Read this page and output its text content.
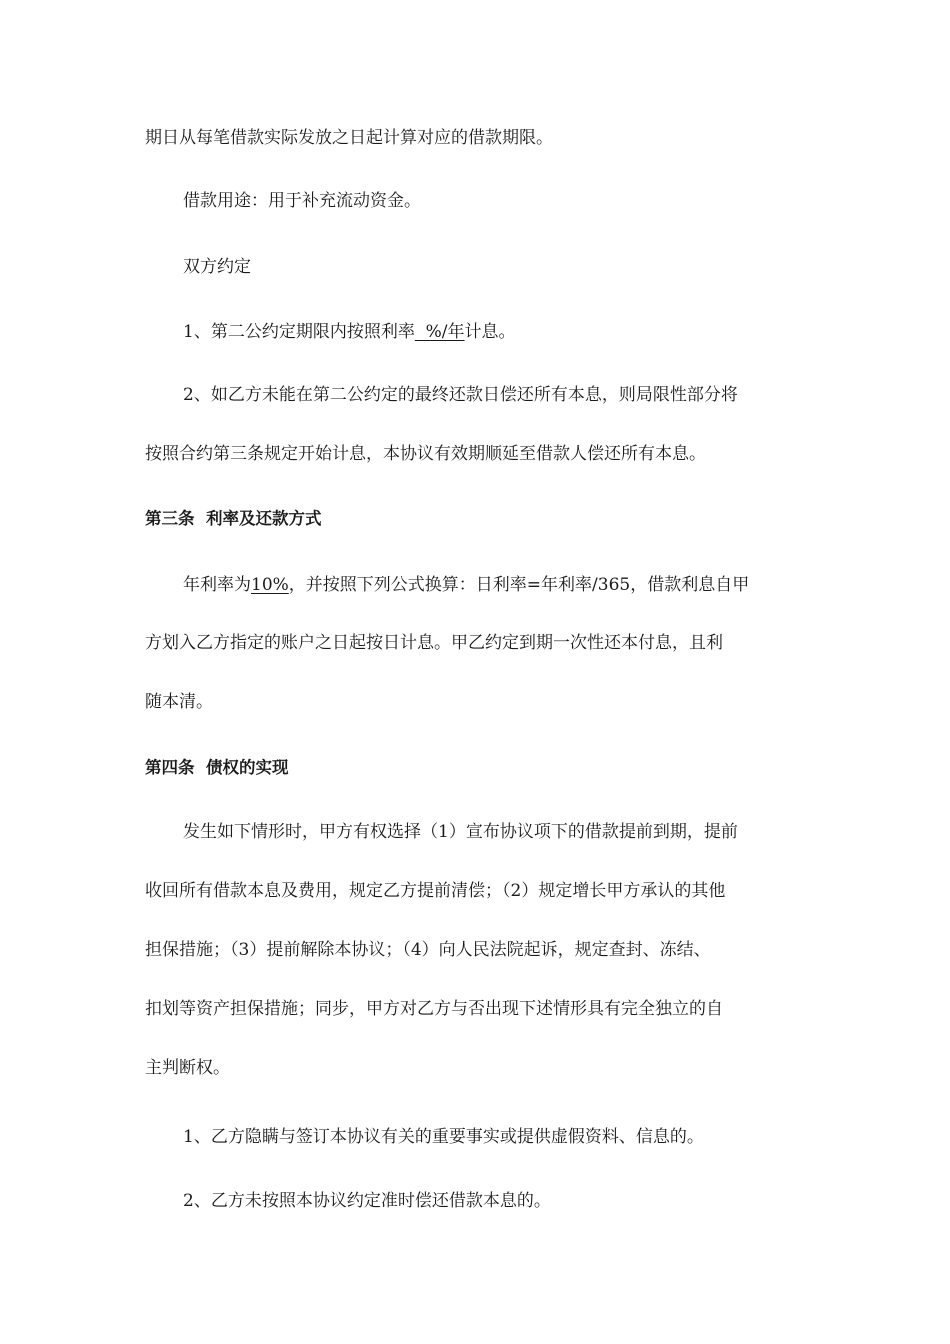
期日从每笔借款实际发放之日起计算对应的借款期限。
借款用途：用于补充流动资金。
双方约定
1、第二公约定期限内按照利率  %/年计息。
2、如乙方未能在第二公约定的最终还款日偿还所有本息，则局限性部分将
按照合约第三条规定开始计息，本协议有效期顺延至借款人偿还所有本息。
第三条  利率及还款方式
年利率为10%，并按照下列公式换算：日利率=年利率/365，借款利息自甲
方划入乙方指定的账户之日起按日计息。甲乙约定到期一次性还本付息，且利
随本清。
第四条  债权的实现
发生如下情形时，甲方有权选择（1）宣布协议项下的借款提前到期，提前
收回所有借款本息及费用，规定乙方提前清偿；（2）规定增长甲方承认的其他
担保措施；（3）提前解除本协议；（4）向人民法院起诉，规定查封、冻结、
扣划等资产担保措施；同步，甲方对乙方与否出现下述情形具有完全独立的自
主判断权。
1、乙方隐瞒与签订本协议有关的重要事实或提供虚假资料、信息的。
2、乙方未按照本协议约定准时偿还借款本息的。
